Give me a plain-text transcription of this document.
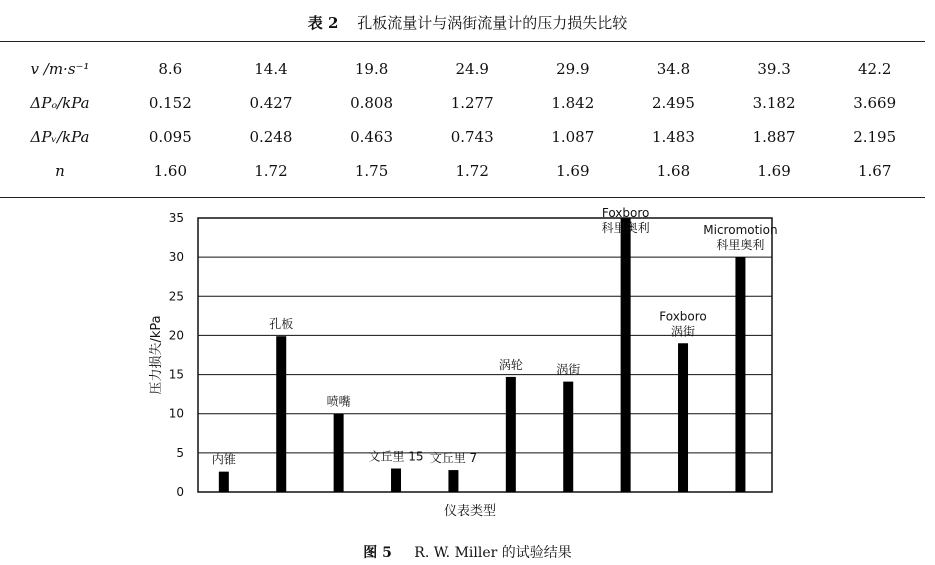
表 2 孔板流量计与涡街流量计的压力损失比较
v /m·s⁻¹	8.6	14.4	19.8	24.9	29.9	34.8	39.3	42.2
ΔPₒ/kPa	0.152	0.427	0.808	1.277	1.842	2.495	3.182	3.669
ΔPᵥ/kPa	0.095	0.248	0.463	0.743	1.087	1.483	1.887	2.195
n	1.60	1.72	1.75	1.72	1.69	1.68	1.69	1.67
0
5
10
15
20
25
30
35
压力损失/kPa
仪表类型
内锥
孔板
喷嘴
文丘里 15 文丘里 7
涡轮	涡街
Foxboro
科里奥利
Foxboro
涡街
Micromotion
科里奥利
图 5 R. W. Miller 的试验结果
